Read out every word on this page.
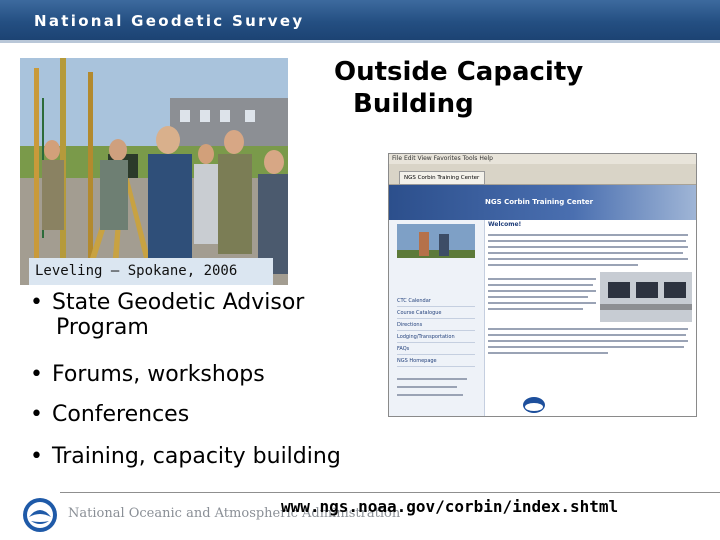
National Geodetic Survey
Leveling – Spokane, 2006
Outside Capacity
Building
File Edit View Favorites Tools Help
NGS Corbin Training Center
NGS Corbin Training Center
CTC Calendar
Course Catalogue
Directions
Lodging/Transportation
FAQs
NGS Homepage
Welcome!
• State Geodetic Advisor
Program
• Forums, workshops
• Conferences
• Training, capacity building
National Oceanic and Atmospheric Administration
www.ngs.noaa.gov/corbin/index.shtml
